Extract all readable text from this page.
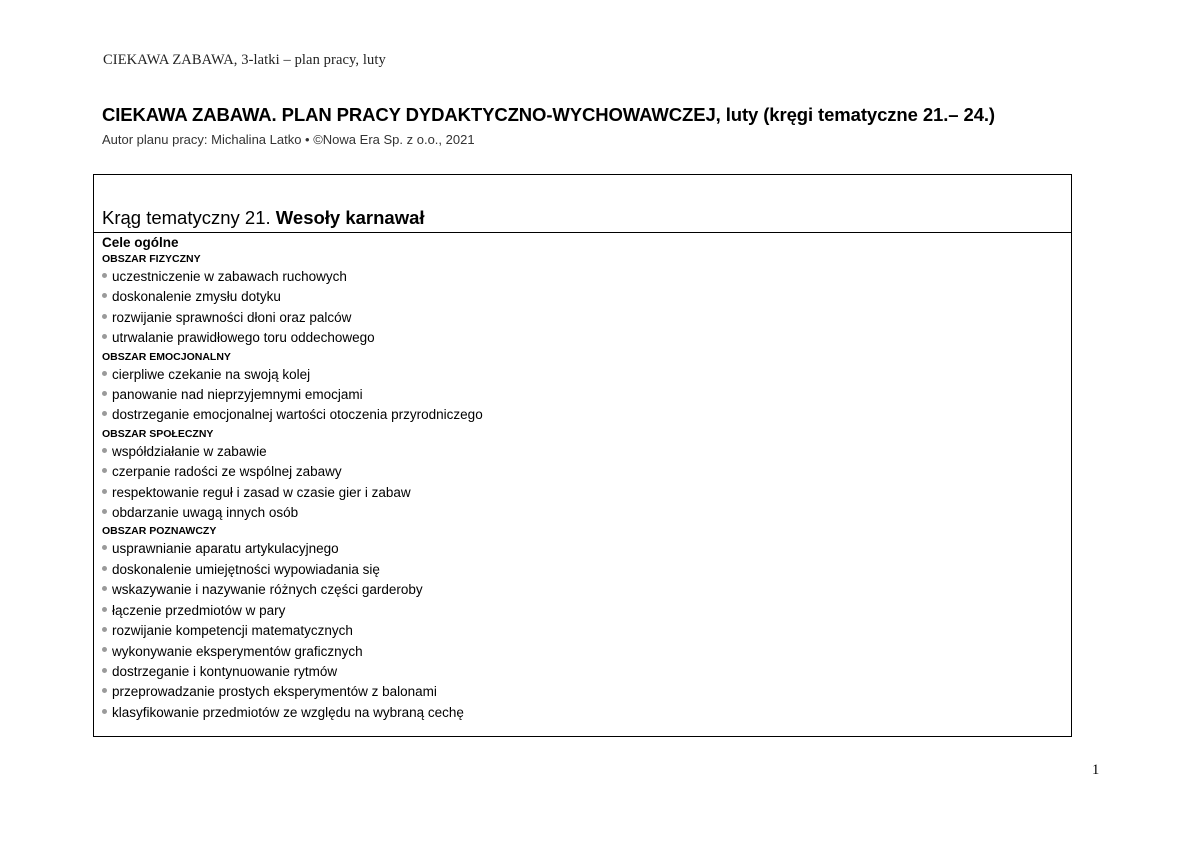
CIEKAWA ZABAWA, 3-latki – plan pracy, luty
CIEKAWA ZABAWA. PLAN PRACY DYDAKTYCZNO-WYCHOWAWCZEJ, luty (kręgi tematyczne 21.– 24.)
Autor planu pracy: Michalina Latko • ©Nowa Era Sp. z o.o., 2021
Krąg tematyczny 21. Wesoły karnawał
Cele ogólne
OBSZAR FIZYCZNY
uczestniczenie w zabawach ruchowych
doskonalenie zmysłu dotyku
rozwijanie sprawności dłoni oraz palców
utrwalanie prawidłowego toru oddechowego
OBSZAR EMOCJONALNY
cierpliwe czekanie na swoją kolej
panowanie nad nieprzyjemnymi emocjami
dostrzeganie emocjonalnej wartości otoczenia przyrodniczego
OBSZAR SPOŁECZNY
współdziałanie w zabawie
czerpanie radości ze wspólnej zabawy
respektowanie reguł i zasad w czasie gier i zabaw
obdarzanie uwagą innych osób
OBSZAR POZNAWCZY
usprawnianie aparatu artykulacyjnego
doskonalenie umiejętności wypowiadania się
wskazywanie i nazywanie różnych części garderoby
łączenie przedmiotów w pary
rozwijanie kompetencji matematycznych
wykonywanie eksperymentów graficznych
dostrzeganie i kontynuowanie rytmów
przeprowadzanie prostych eksperymentów z balonami
klasyfikowanie przedmiotów ze względu na wybraną cechę
1
